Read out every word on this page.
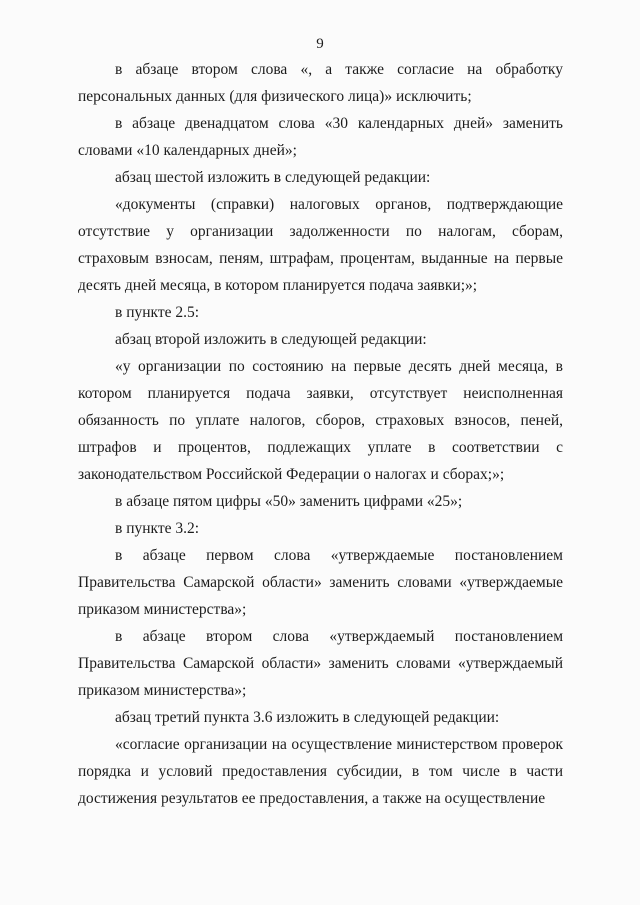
9

в абзаце втором слова «, а также согласие на обработку персональных данных (для физического лица)» исключить;

в абзаце двенадцатом слова «30 календарных дней» заменить словами «10 календарных дней»;

абзац шестой изложить в следующей редакции:

«документы (справки) налоговых органов, подтверждающие отсутствие у организации задолженности по налогам, сборам, страховым взносам, пеням, штрафам, процентам, выданные на первые десять дней месяца, в котором планируется подача заявки;»;

в пункте 2.5:

абзац второй изложить в следующей редакции:

«у организации по состоянию на первые десять дней месяца, в котором планируется подача заявки, отсутствует неисполненная обязанность по уплате налогов, сборов, страховых взносов, пеней, штрафов и процентов, подлежащих уплате в соответствии с законодательством Российской Федерации о налогах и сборах;»;

в абзаце пятом цифры «50» заменить цифрами «25»;

в пункте 3.2:

в абзаце первом слова «утверждаемые постановлением Правительства Самарской области» заменить словами «утверждаемые приказом министерства»;

в абзаце втором слова «утверждаемый постановлением Правительства Самарской области» заменить словами «утверждаемый приказом министерства»;

абзац третий пункта 3.6 изложить в следующей редакции:

«согласие организации на осуществление министерством проверок порядка и условий предоставления субсидии, в том числе в части достижения результатов ее предоставления, а также на осуществление
